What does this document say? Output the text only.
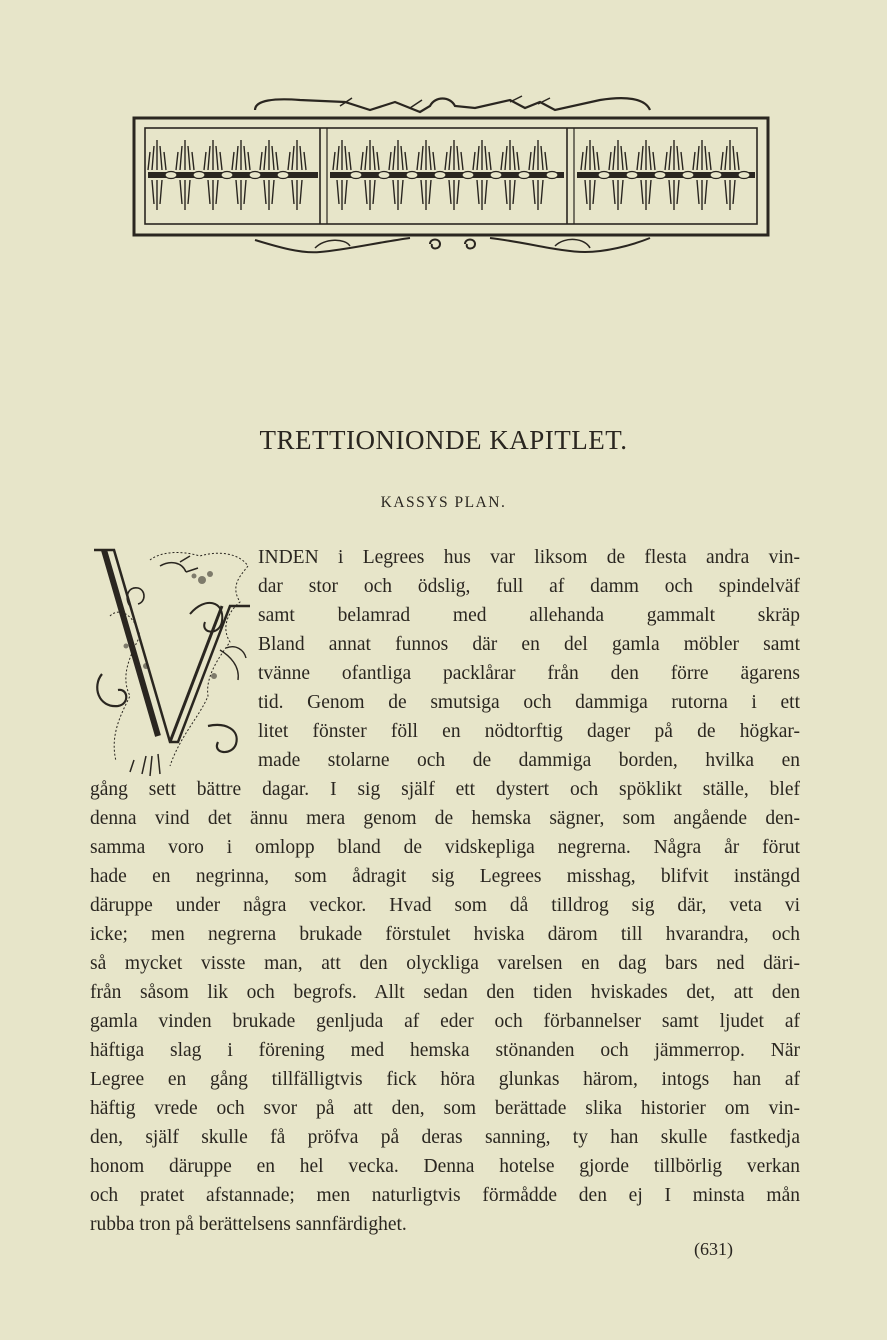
TRETTIONIONDE KAPITLET.
KASSYS PLAN.
INDEN i Legrees hus var liksom de flesta andra vin-
dar stor och ödslig, full af damm och spindelväf
samt belamrad med allehanda gammalt skräp
Bland annat funnos där en del gamla möbler samt
tvänne ofantliga packlårar från den förre ägarens
tid. Genom de smutsiga och dammiga rutorna i ett
litet fönster föll en nödtorftig dager på de högkar-
made stolarne och de dammiga borden, hvilka en
gång sett bättre dagar. I sig själf ett dystert och spöklikt ställe, blef
denna vind det ännu mera genom de hemska sägner, som angående den-
samma voro i omlopp bland de vidskepliga negrerna. Några år förut
hade en negrinna, som ådragit sig Legrees misshag, blifvit instängd
däruppe under några veckor. Hvad som då tilldrog sig där, veta vi
icke; men negrerna brukade förstulet hviska därom till hvarandra, och
så mycket visste man, att den olyckliga varelsen en dag bars ned däri-
från såsom lik och begrofs. Allt sedan den tiden hviskades det, att den
gamla vinden brukade genljuda af eder och förbannelser samt ljudet af
häftiga slag i förening med hemska stönanden och jämmerrop. När
Legree en gång tillfälligtvis fick höra glunkas härom, intogs han af
häftig vrede och svor på att den, som berättade slika historier om vin-
den, själf skulle få pröfva på deras sanning, ty han skulle fastkedja
honom däruppe en hel vecka. Denna hotelse gjorde tillbörlig verkan
och pratet afstannade; men naturligtvis förmådde den ej I minsta mån
rubba tron på berättelsens sannfärdighet.
(631)
